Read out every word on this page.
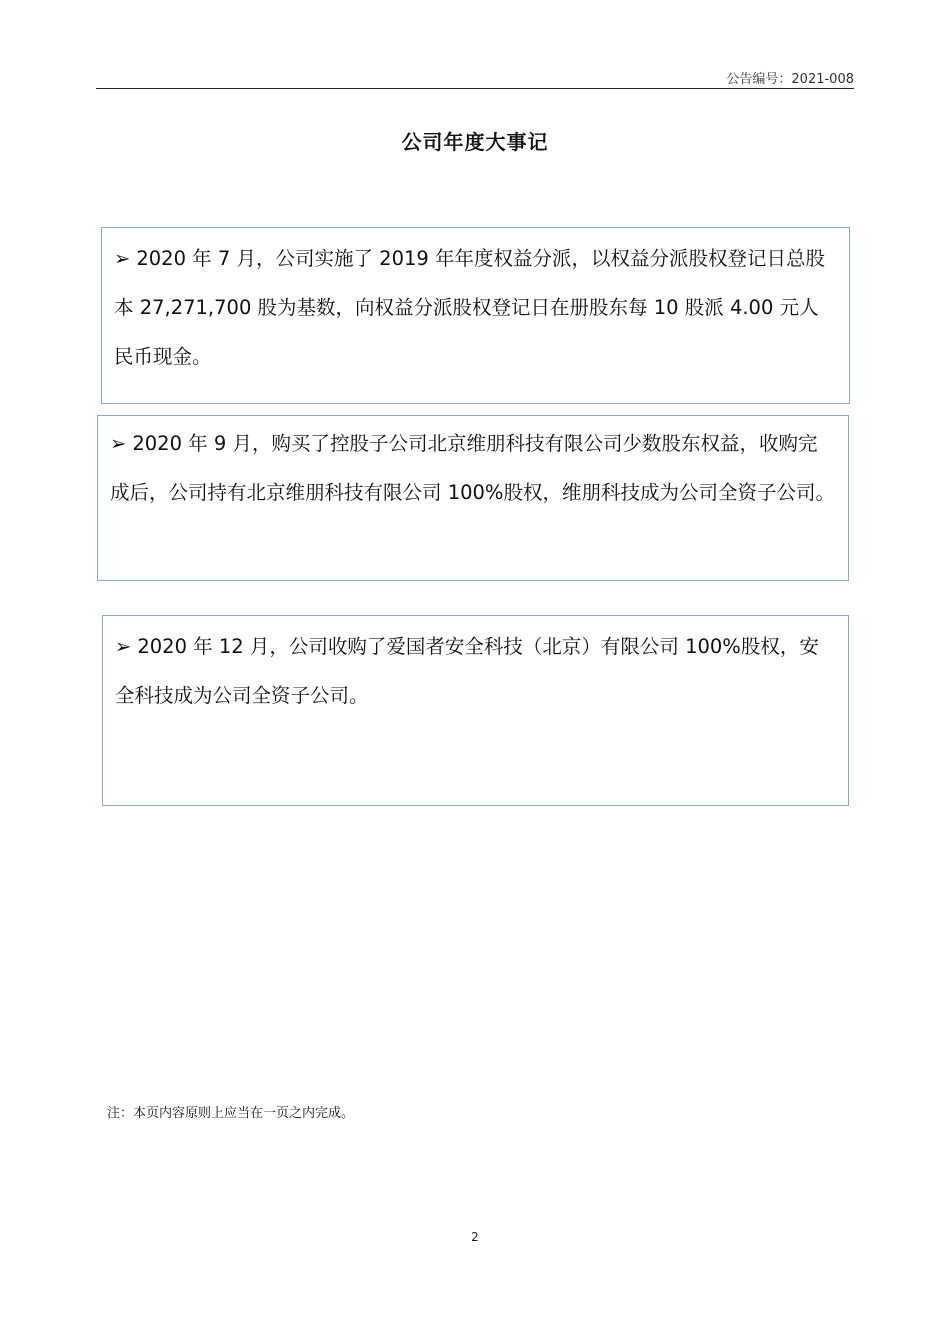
公告编号：2021-008
公司年度大事记
➢ 2020 年 7 月，公司实施了 2019 年年度权益分派，以权益分派股权登记日总股本 27,271,700 股为基数，向权益分派股权登记日在册股东每 10 股派 4.00 元人民币现金。
➢ 2020 年 9 月，购买了控股子公司北京维朋科技有限公司少数股东权益，收购完成后，公司持有北京维朋科技有限公司 100%股权，维朋科技成为公司全资子公司。
➢ 2020 年 12 月，公司收购了爱国者安全科技（北京）有限公司 100%股权，安全科技成为公司全资子公司。
注：本页内容原则上应当在一页之内完成。
2
